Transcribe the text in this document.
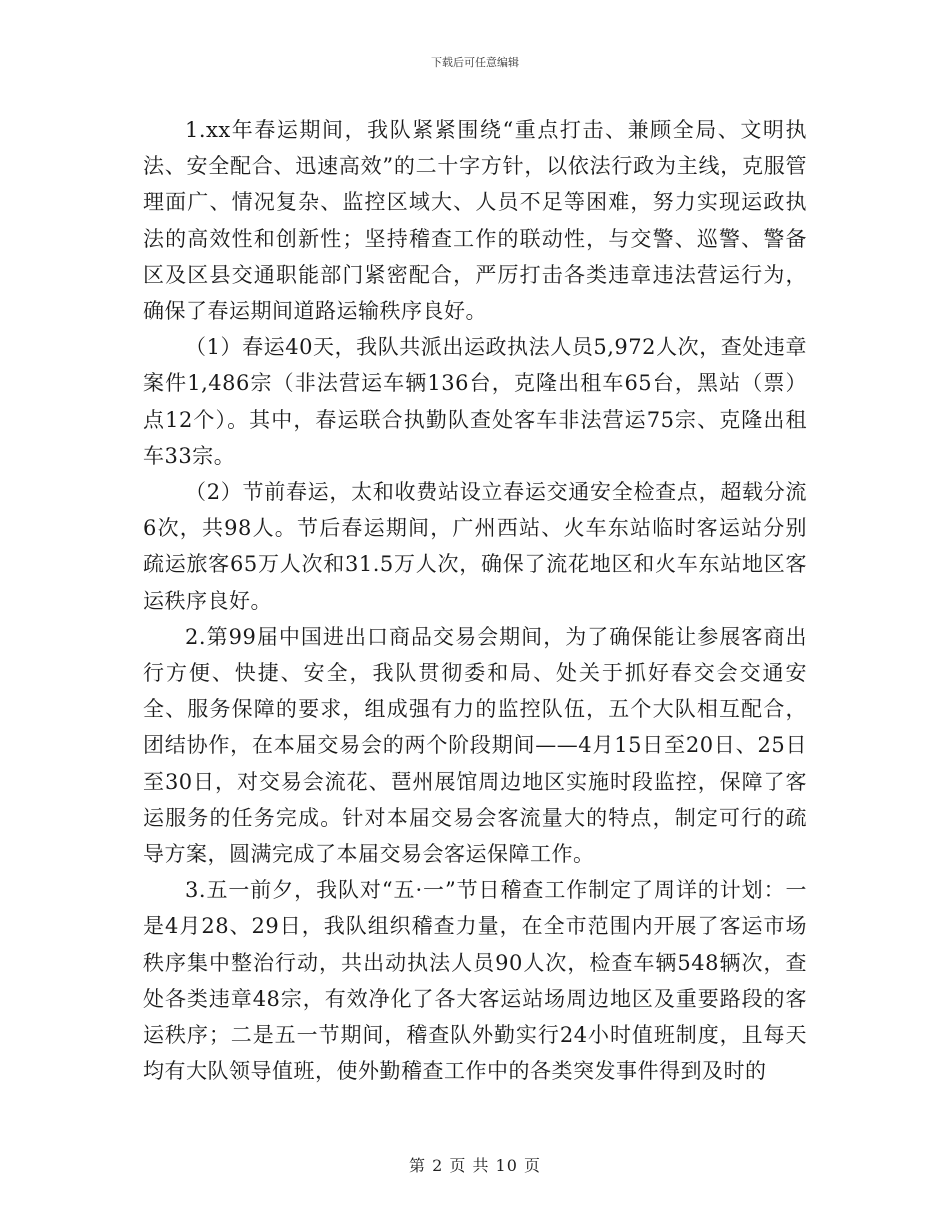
下载后可任意编辑

1.xx年春运期间，我队紧紧围绕“重点打击、兼顾全局、文明执法、安全配合、迅速高效”的二十字方针，以依法行政为主线，克服管理面广、情况复杂、监控区域大、人员不足等困难，努力实现运政执法的高效性和创新性；坚持稽查工作的联动性，与交警、巡警、警备区及区县交通职能部门紧密配合，严厉打击各类违章违法营运行为，确保了春运期间道路运输秩序良好。

（1）春运40天，我队共派出运政执法人员5,972人次，查处违章案件1,486宗（非法营运车辆136台，克隆出租车65台，黑站（票）点12个）。其中，春运联合执勤队查处客车非法营运75宗、克隆出租车33宗。

（2）节前春运，太和收费站设立春运交通安全检查点，超载分流6次，共98人。节后春运期间，广州西站、火车东站临时客运站分别疏运旅客65万人次和31.5万人次，确保了流花地区和火车东站地区客运秩序良好。

2.第99届中国进出口商品交易会期间，为了确保能让参展客商出行方便、快捷、安全，我队贯彻委和局、处关于抓好春交会交通安全、服务保障的要求，组成强有力的监控队伍，五个大队相互配合，团结协作，在本届交易会的两个阶段期间——4月15日至20日、25日至30日，对交易会流花、琶州展馆周边地区实施时段监控，保障了客运服务的任务完成。针对本届交易会客流量大的特点，制定可行的疏导方案，圆满完成了本届交易会客运保障工作。

3.五一前夕，我队对“五·一”节日稽查工作制定了周详的计划：一是4月28、29日，我队组织稽查力量，在全市范围内开展了客运市场秩序集中整治行动，共出动执法人员90人次，检查车辆548辆次，查处各类违章48宗，有效净化了各大客运站场周边地区及重要路段的客运秩序；二是五一节期间，稽查队外勤实行24小时值班制度，且每天均有大队领导值班，使外勤稽查工作中的各类突发事件得到及时的

第 2 页 共 10 页
